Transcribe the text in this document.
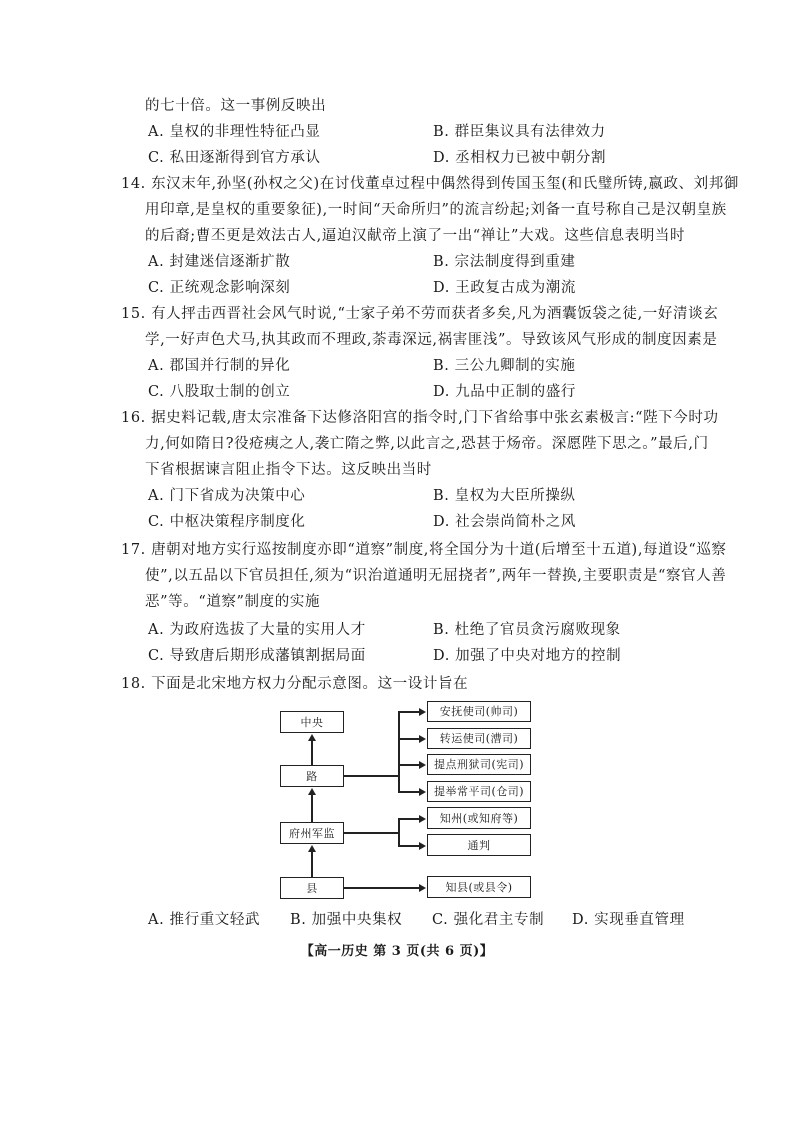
的七十倍。这一事例反映出
A. 皇权的非理性特征凸显	B. 群臣集议具有法律效力
C. 私田逐渐得到官方承认	D. 丞相权力已被中朝分割
14. 东汉末年,孙坚(孙权之父)在讨伐董卓过程中偶然得到传国玉玺(和氏璧所铸,嬴政、刘邦御
用印章,是皇权的重要象征),一时间“天命所归”的流言纷起;刘备一直号称自己是汉朝皇族
的后裔;曹丕更是效法古人,逼迫汉献帝上演了一出“禅让”大戏。这些信息表明当时
A. 封建迷信逐渐扩散	B. 宗法制度得到重建
C. 正统观念影响深刻	D. 王政复古成为潮流
15. 有人抨击西晋社会风气时说,“士家子弟不劳而获者多矣,凡为酒囊饭袋之徒,一好清谈玄
学,一好声色犬马,执其政而不理政,荼毒深远,祸害匪浅”。导致该风气形成的制度因素是
A. 郡国并行制的异化	B. 三公九卿制的实施
C. 八股取士制的创立	D. 九品中正制的盛行
16. 据史料记载,唐太宗准备下达修洛阳宫的指令时,门下省给事中张玄素极言:“陛下今时功
力,何如隋日?役疮痍之人,袭亡隋之弊,以此言之,恐甚于炀帝。深愿陛下思之。”最后,门
下省根据谏言阻止指令下达。这反映出当时
A. 门下省成为决策中心	B. 皇权为大臣所操纵
C. 中枢决策程序制度化	D. 社会崇尚简朴之风
17. 唐朝对地方实行巡按制度亦即“道察”制度,将全国分为十道(后增至十五道),每道设“巡察
使”,以五品以下官员担任,须为“识治道通明无屈挠者”,两年一替换,主要职责是“察官人善
恶”等。“道察”制度的实施
A. 为政府选拔了大量的实用人才	B. 杜绝了官员贪污腐败现象
C. 导致唐后期形成藩镇割据局面	D. 加强了中央对地方的控制
18. 下面是北宋地方权力分配示意图。这一设计旨在
中央
路
府州军监
县
安抚使司(帅司)
转运使司(漕司)
提点刑狱司(宪司)
提举常平司(仓司)
知州(或知府等)
通判
知县(或县令)
A. 推行重文轻武 B. 加强中央集权 C. 强化君主专制 D. 实现垂直管理
【高一历史 第 3 页(共 6 页)】
